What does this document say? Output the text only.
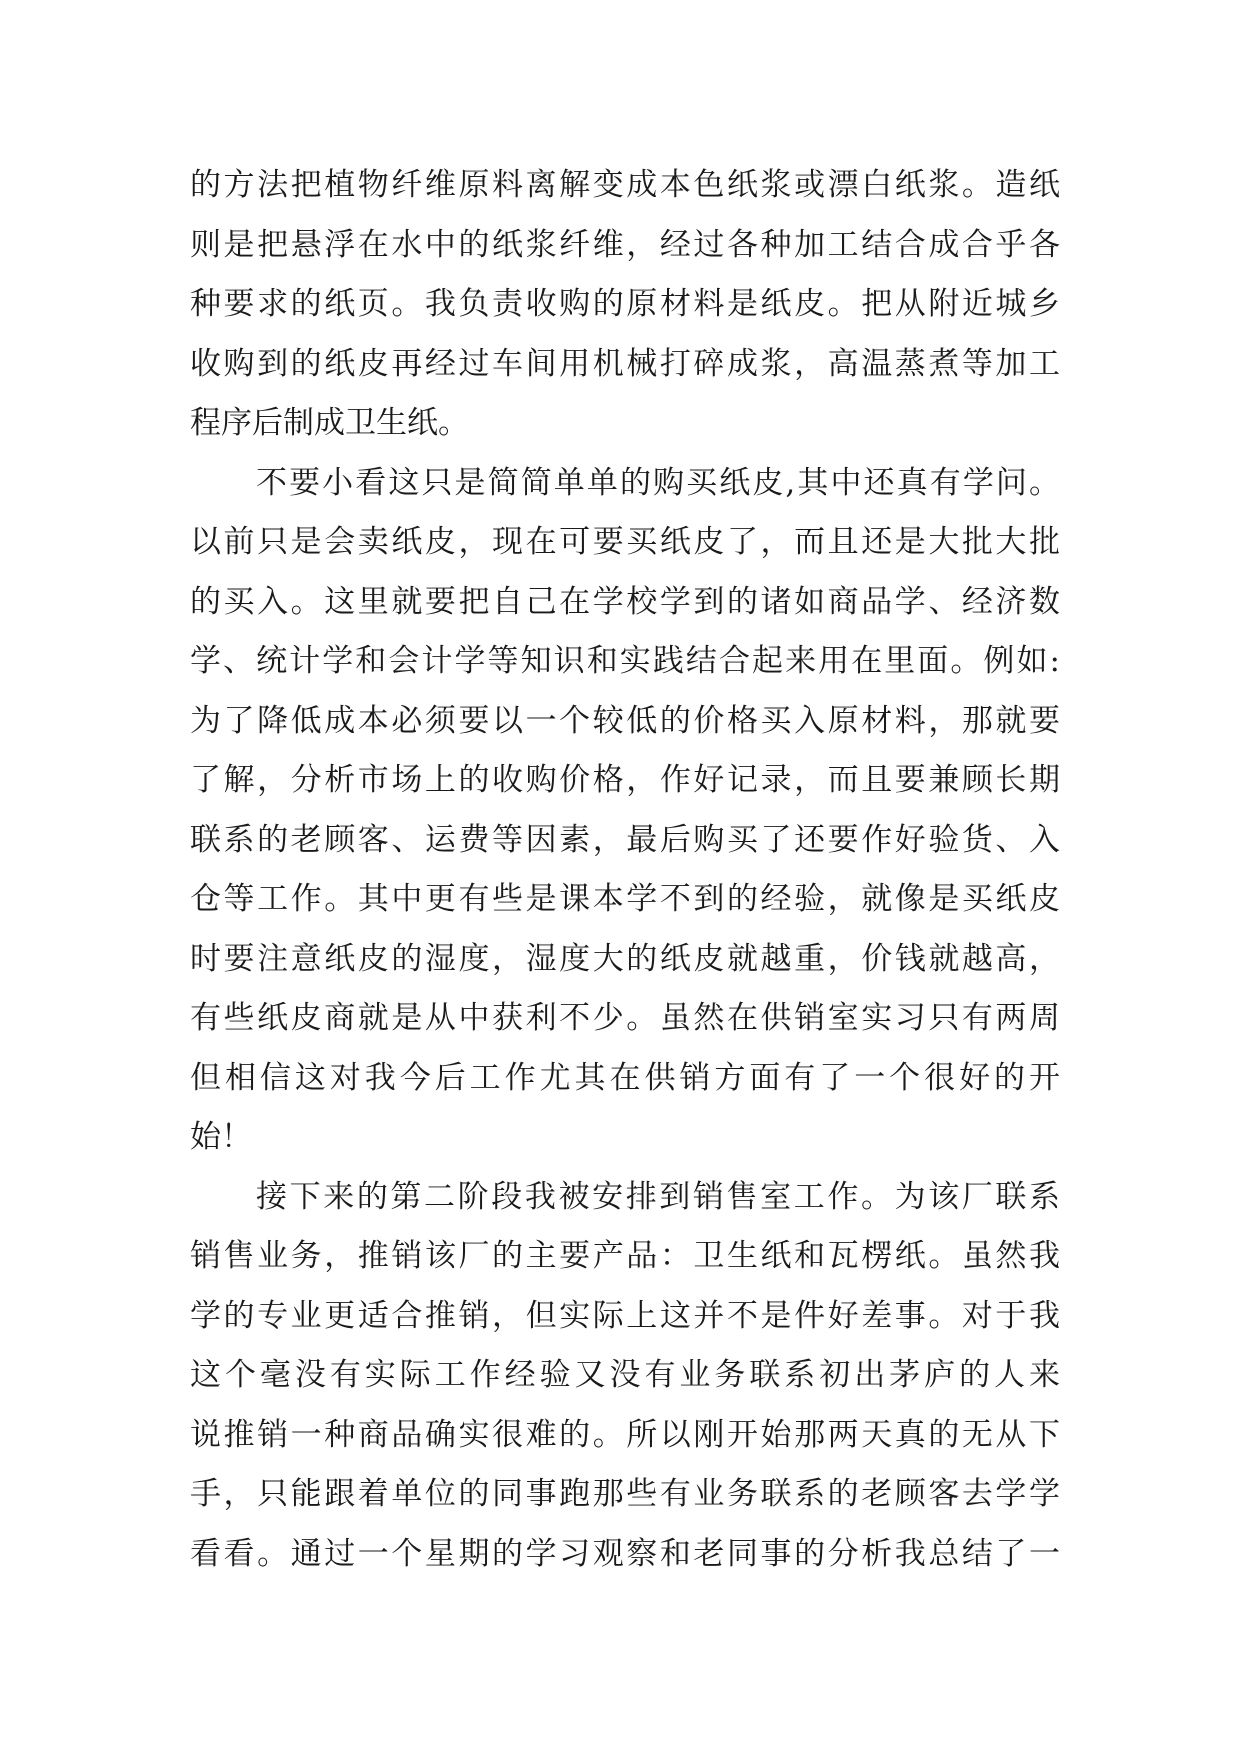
的方法把植物纤维原料离解变成本色纸浆或漂白纸浆。造纸
则是把悬浮在水中的纸浆纤维，经过各种加工结合成合乎各
种要求的纸页。我负责收购的原材料是纸皮。把从附近城乡
收购到的纸皮再经过车间用机械打碎成浆，高温蒸煮等加工
程序后制成卫生纸。
不要小看这只是简简单单的购买纸皮,其中还真有学问。
以前只是会卖纸皮，现在可要买纸皮了，而且还是大批大批
的买入。这里就要把自己在学校学到的诸如商品学、经济数
学、统计学和会计学等知识和实践结合起来用在里面。例如:
为了降低成本必须要以一个较低的价格买入原材料，那就要
了解，分析市场上的收购价格，作好记录，而且要兼顾长期
联系的老顾客、运费等因素，最后购买了还要作好验货、入
仓等工作。其中更有些是课本学不到的经验，就像是买纸皮
时要注意纸皮的湿度，湿度大的纸皮就越重，价钱就越高，
有些纸皮商就是从中获利不少。虽然在供销室实习只有两周
但相信这对我今后工作尤其在供销方面有了一个很好的开
始！
接下来的第二阶段我被安排到销售室工作。为该厂联系
销售业务，推销该厂的主要产品：卫生纸和瓦楞纸。虽然我
学的专业更适合推销，但实际上这并不是件好差事。对于我
这个毫没有实际工作经验又没有业务联系初出茅庐的人来
说推销一种商品确实很难的。所以刚开始那两天真的无从下
手，只能跟着单位的同事跑那些有业务联系的老顾客去学学
看看。通过一个星期的学习观察和老同事的分析我总结了一
